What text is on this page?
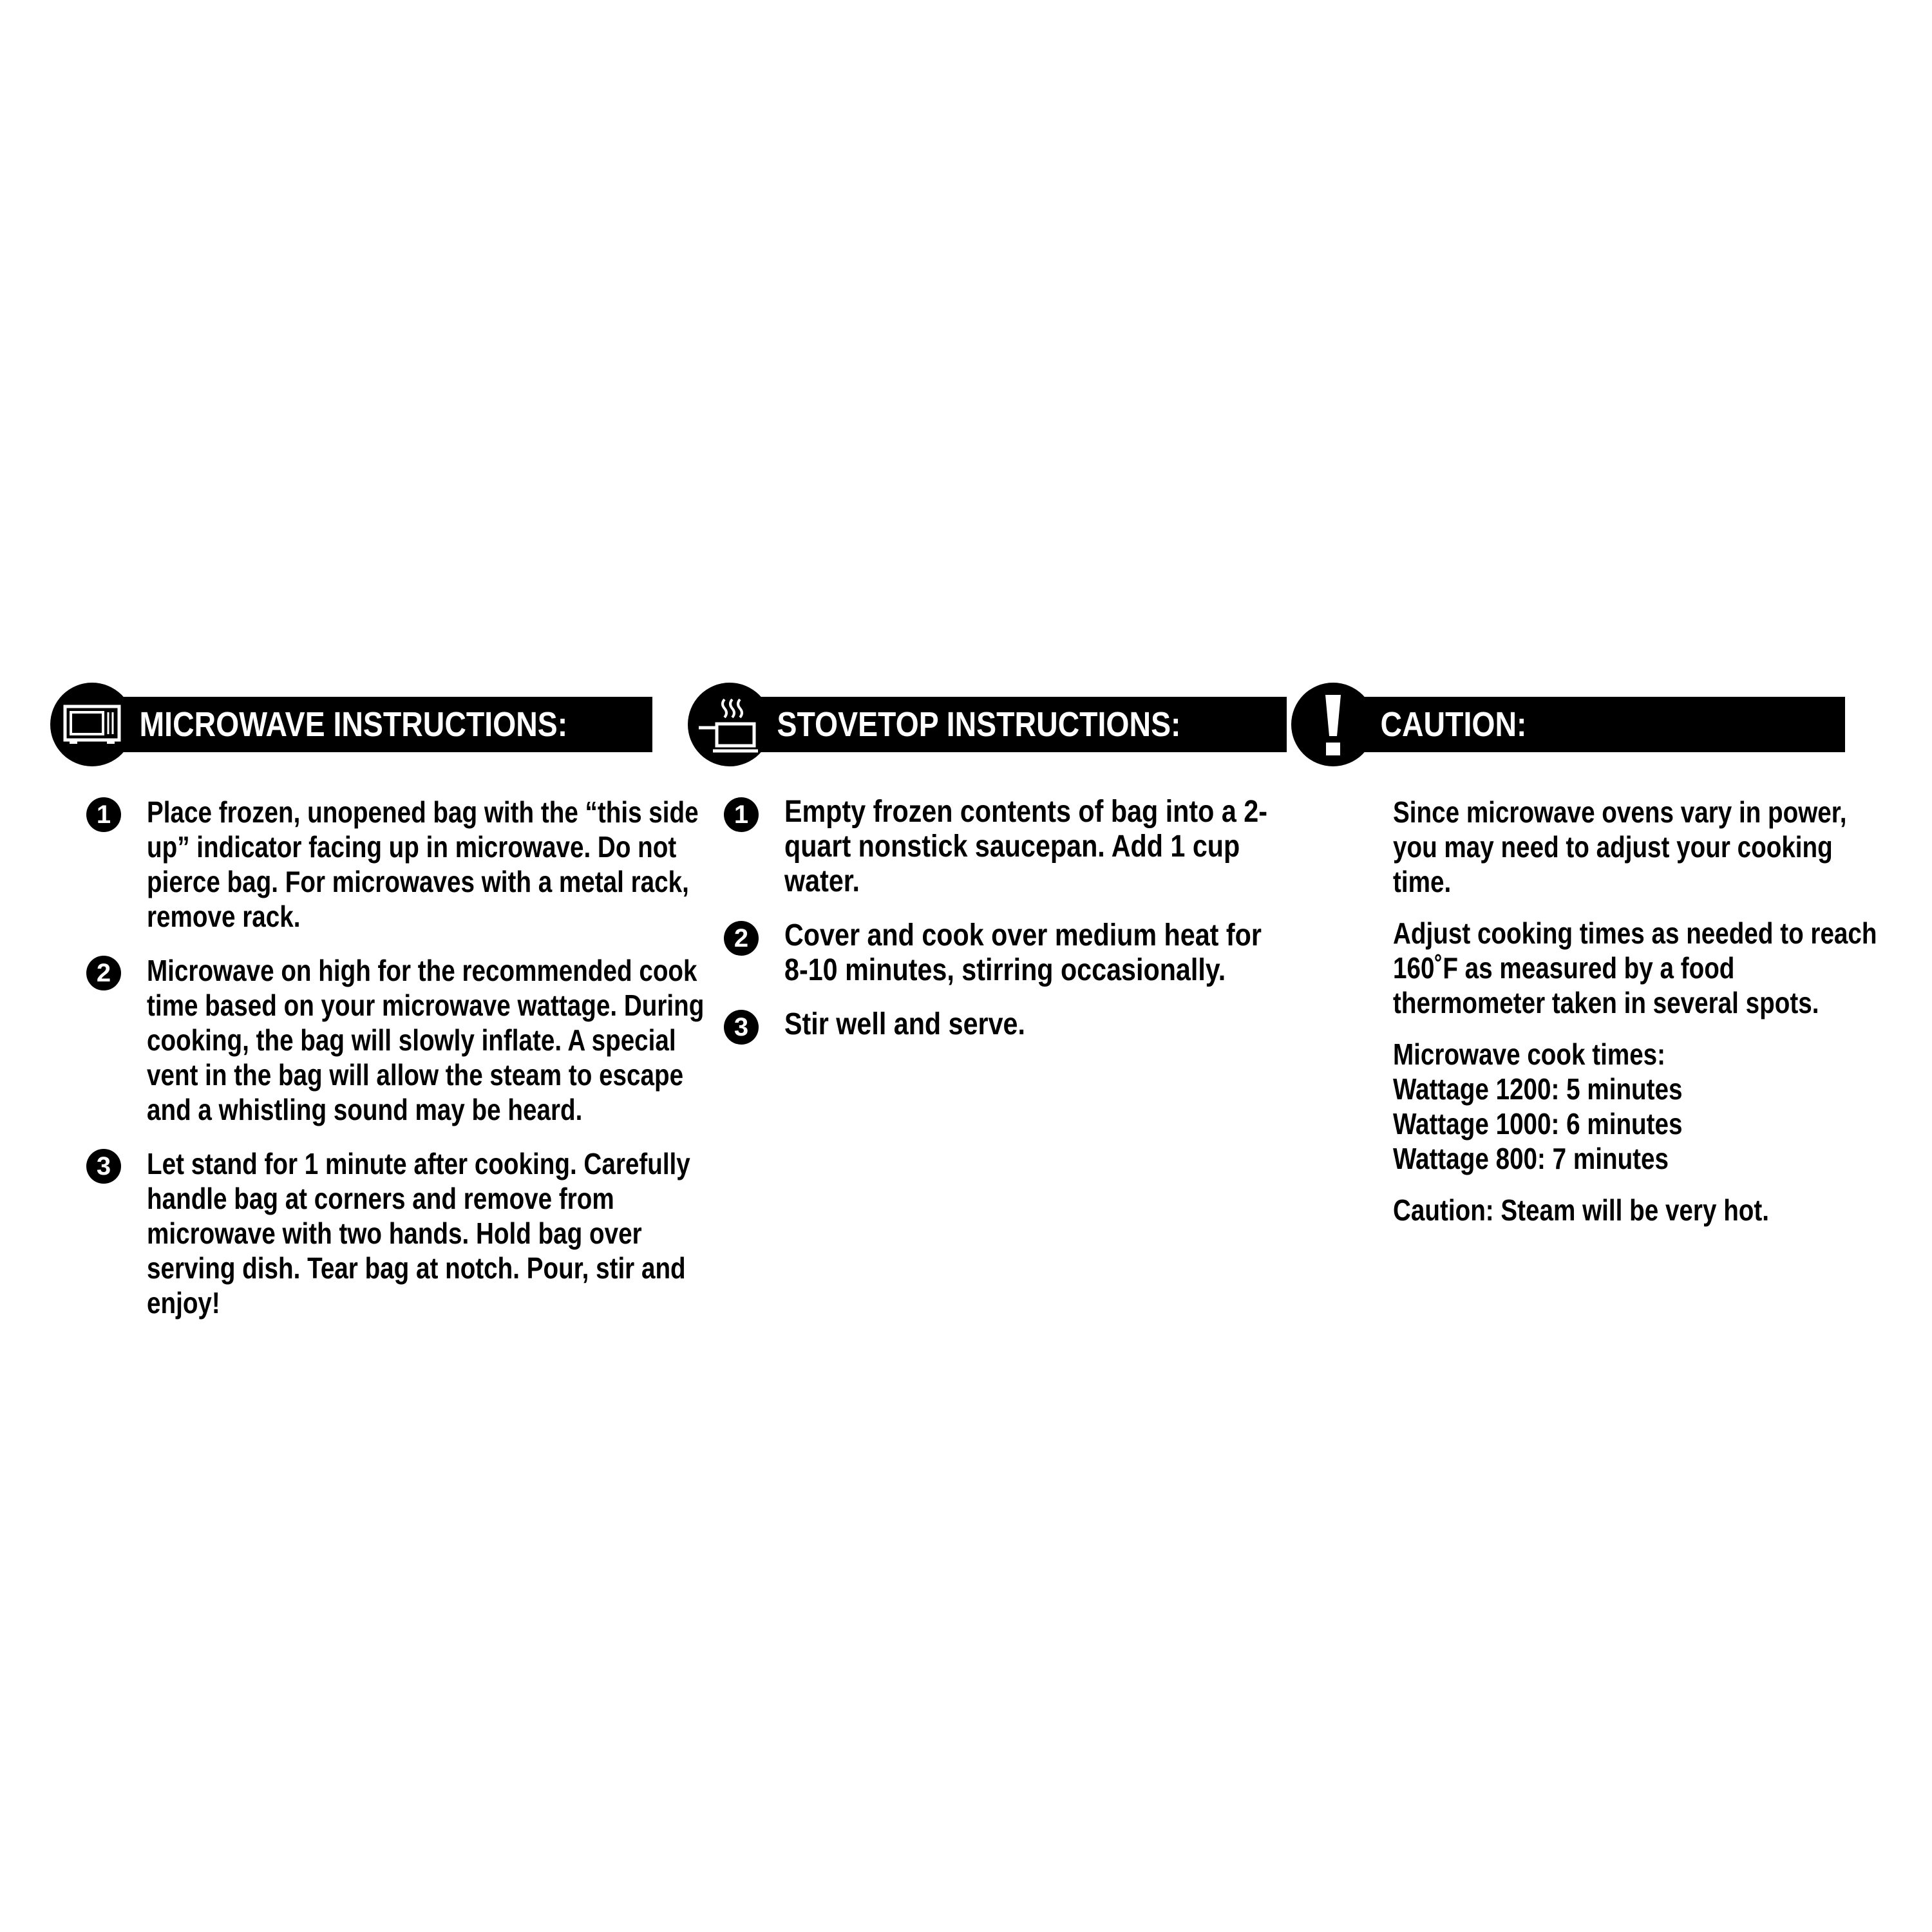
MICROWAVE INSTRUCTIONS:
1	Place frozen, unopened bag with the “this side up” indicator facing up in microwave. Do not pierce bag. For microwaves with a metal rack, remove rack.
2	Microwave on high for the recommended cook time based on your microwave wattage. During cooking, the bag will slowly inflate. A special vent in the bag will allow the steam to escape and a whistling sound may be heard.
3	Let stand for 1 minute after cooking. Carefully handle bag at corners and remove from microwave with two hands. Hold bag over serving dish. Tear bag at notch. Pour, stir and enjoy!
STOVETOP INSTRUCTIONS:
1	Empty frozen contents of bag into a 2-quart nonstick saucepan. Add 1 cup water.
2	Cover and cook over medium heat for 8-10 minutes, stirring occasionally.
3	Stir well and serve.
CAUTION:
Since microwave ovens vary in power, you may need to adjust your cooking time.
Adjust cooking times as needed to reach 160˚F as measured by a food thermometer taken in several spots.
Microwave cook times:
Wattage 1200: 5 minutes
Wattage 1000: 6 minutes
Wattage 800: 7 minutes
Caution: Steam will be very hot.
